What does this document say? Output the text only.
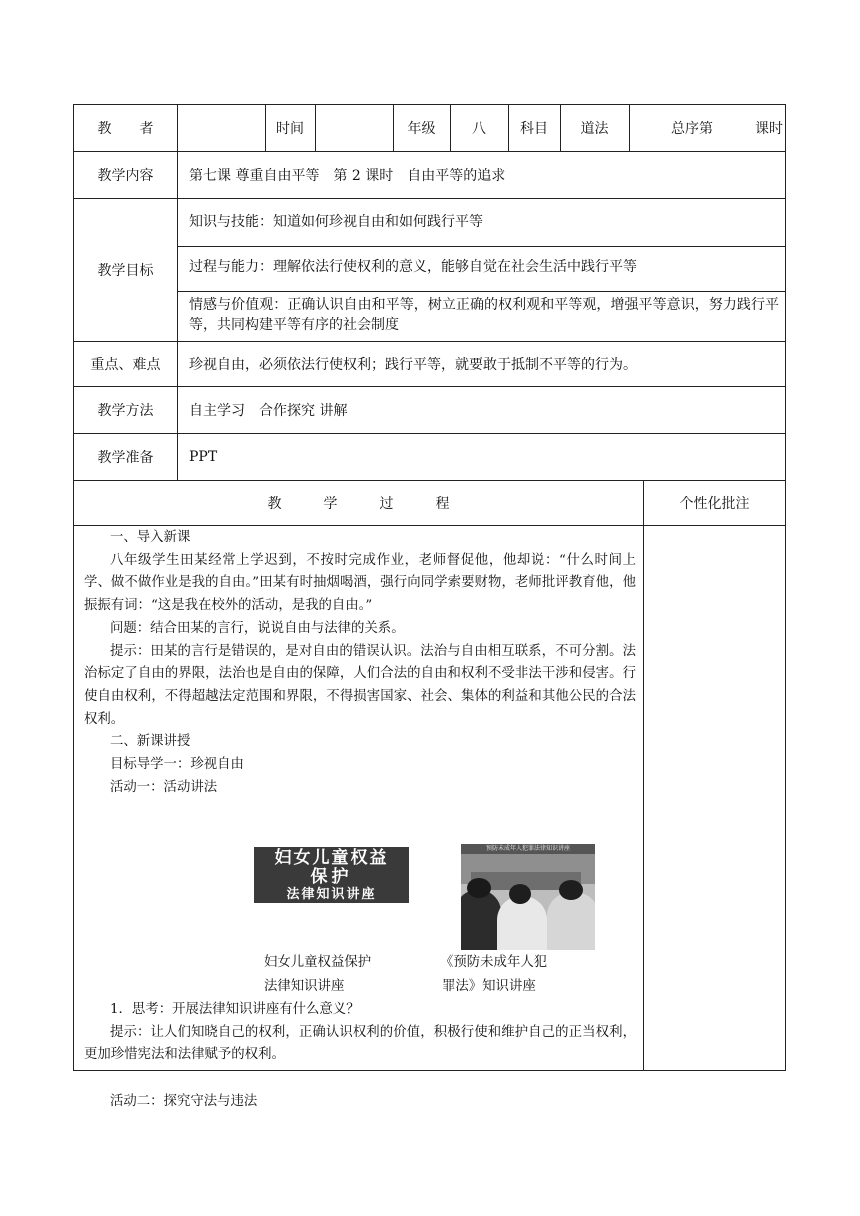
教　　者	时间	年级	八	科目	道法	总序第　　　课时
教学内容	第七课 尊重自由平等　第 2 课时　自由平等的追求
教学目标
知识与技能：知道如何珍视自由和如何践行平等
过程与能力：理解依法行使权利的意义，能够自觉在社会生活中践行平等
情感与价值观：正确认识自由和平等，树立正确的权利观和平等观，增强平等意识，努力践行平等，共同构建平等有序的社会制度
重点、难点	珍视自由，必须依法行使权利；践行平等，就要敢于抵制不平等的行为。
教学方法	自主学习　合作探究 讲解
教学准备	PPT
教　　　学　　　过　　　程	个性化批注

一、导入新课

八年级学生田某经常上学迟到，不按时完成作业，老师督促他，他却说：“什么时间上学、做不做作业是我的自由。”田某有时抽烟喝酒，强行向同学索要财物，老师批评教育他，他振振有词：“这是我在校外的活动，是我的自由。”

问题：结合田某的言行，说说自由与法律的关系。

提示：田某的言行是错误的，是对自由的错误认识。法治与自由相互联系，不可分割。法治标定了自由的界限，法治也是自由的保障，人们合法的自由和权利不受非法干涉和侵害。行使自由权利，不得超越法定范围和界限，不得损害国家、社会、集体的利益和其他公民的合法权利。

二、新课讲授

目标导学一：珍视自由

活动一：活动讲法

妇女儿童权益
保护
法律知识讲座
预防未成年人犯罪法律知识讲座
妇女儿童权益保护
法律知识讲座
《预防未成年人犯
罪法》知识讲座

1．思考：开展法律知识讲座有什么意义？

提示：让人们知晓自己的权利，正确认识权利的价值，积极行使和维护自己的正当权利，更加珍惜宪法和法律赋予的权利。

活动二：探究守法与违法
